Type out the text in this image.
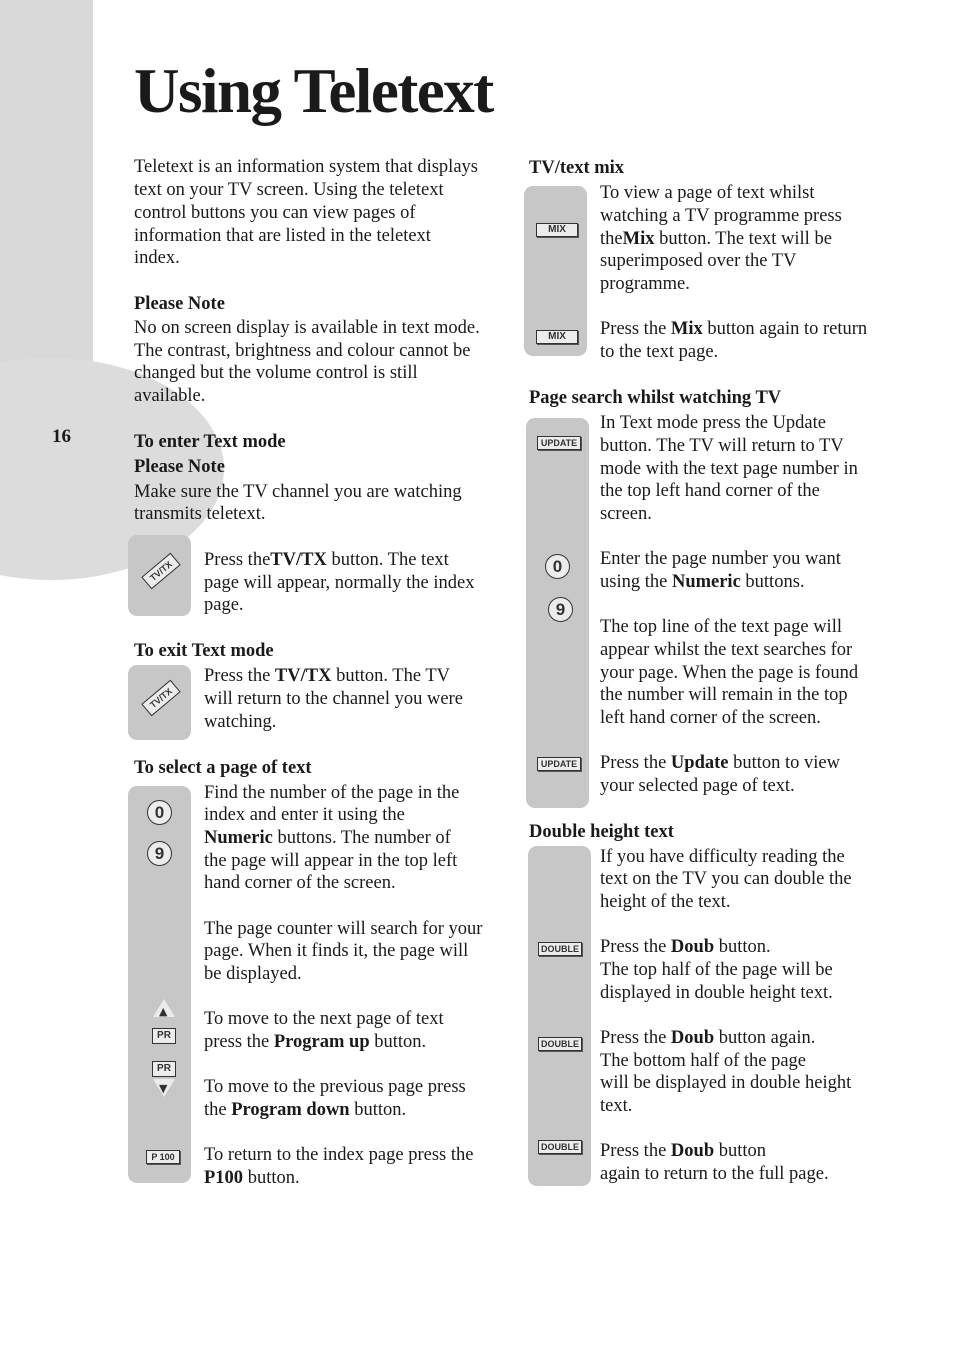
16
Using Teletext

Teletext is an information system that displays

text on your TV screen. Using the teletext

control buttons you can view pages of

information that are listed in the teletext

index.

Please Note

No on screen display is available in text mode.

The contrast, brightness and colour cannot be

changed but the volume control is still

available.

To enter Text mode

Please Note

Make sure the TV channel you are watching

transmits teletext.

TV/TX	Press theTV/TX button. The text

page will appear, normally the index

page.

To exit Text mode

TV/TX

Press the TV/TX button. The TV

will return to the channel you were

watching.

To select a page of text

0
9
▲
PR
PR
▼
P 100

Find the number of the page in the

index and enter it using the

Numeric buttons. The number of

the page will appear in the top left

hand corner of the screen.

The page counter will search for your

page. When it finds it, the page will

be displayed.

To move to the next page of text

press the Program up button.

To move to the previous page press

the Program down button.

To return to the index page press the

P100 button.

TV/text mix

MIX
MIX

To view a page of text whilst

watching a TV programme press

theMix button. The text will be

superimposed over the TV

programme.

Press the Mix button again to return

to the text page.

Page search whilst watching TV

UPDATE
0
9
UPDATE

In Text mode press the Update

button. The TV will return to TV

mode with the text page number in

the top left hand corner of the

screen.

Enter the page number you want

using the Numeric buttons.

The top line of the text page will

appear whilst the text searches for

your page. When the page is found

the number will remain in the top

left hand corner of the screen.

Press the Update button to view

your selected page of text.

Double height text

DOUBLE
DOUBLE
DOUBLE

If you have difficulty reading the

text on the TV you can double the

height of the text.

Press the Doub button.

The top half of the page will be

displayed in double height text.

Press the Doub button again.

The bottom half of the page

will be displayed in double height

text.

Press the Doub button

again to return to the full page.
